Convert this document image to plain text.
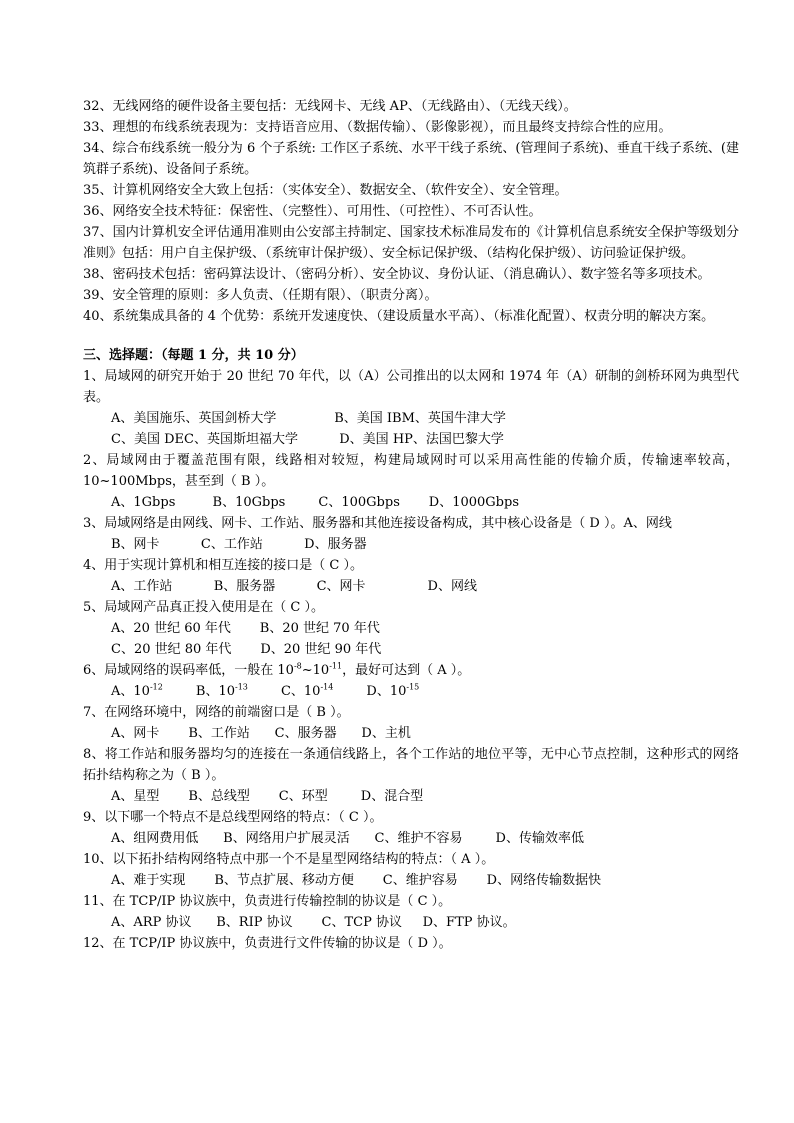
32、无线网络的硬件设备主要包括：无线网卡、无线 AP、（无线路由）、（无线天线）。

33、理想的布线系统表现为：支持语音应用、（数据传输）、（影像影视），而且最终支持综合性的应用。

34、综合布线系统一般分为 6 个子系统: 工作区子系统、水平干线子系统、(管理间子系统)、垂直干线子系统、(建筑群子系统)、设备间子系统。

35、计算机网络安全大致上包括：（实体安全）、数据安全、（软件安全）、安全管理。

36、网络安全技术特征：保密性、（完整性）、可用性、（可控性）、不可否认性。

37、国内计算机安全评估通用准则由公安部主持制定、国家技术标准局发布的《计算机信息系统安全保护等级划分准则》包括：用户自主保护级、（系统审计保护级）、安全标记保护级、（结构化保护级）、访问验证保护级。

38、密码技术包括：密码算法设计、（密码分析）、安全协议、身份认证、（消息确认）、数字签名等多项技术。

39、安全管理的原则：多人负责、（任期有限）、（职责分离）。

40、系统集成具备的 4 个优势：系统开发速度快、（建设质量水平高）、（标准化配置）、权责分明的解决方案。

三、选择题：（每题 1 分，共 10 分）

1、局域网的研究开始于 20 世纪 70 年代，以（A）公司推出的以太网和 1974 年（A）研制的剑桥环网为典型代表。

A、美国施乐、英国剑桥大学              B、美国 IBM、英国牛津大学

C、美国 DEC、英国斯坦福大学          D、美国 HP、法国巴黎大学

2、局域网由于覆盖范围有限，线路相对较短，构建局域网时可以采用高性能的传输介质，传输速率较高，10~100Mbps，甚至到（ B ）。

A、1Gbps         B、10Gbps        C、100Gbps       D、1000Gbps

3、局域网络是由网线、网卡、工作站、服务器和其他连接设备构成，其中核心设备是（ D ）。A、网线

B、网卡          C、工作站          D、服务器

4、用于实现计算机和相互连接的接口是（ C ）。

A、工作站          B、服务器          C、网卡               D、网线

5、局域网产品真正投入使用是在（ C ）。

A、20 世纪 60 年代       B、20 世纪 70 年代

C、20 世纪 80 年代       D、20 世纪 90 年代

6、局域网络的误码率低，一般在 $10^{-8}\sim 10^{-11}$，最好可达到（ A ）。

A、$10^{-12}$	B、$10^{-13}$	C、$10^{-14}$	D、$10^{-15}$

7、在网络环境中，网络的前端窗口是（ B ）。

A、网卡       B、工作站      C、服务器      D、主机

8、将工作站和服务器均匀的连接在一条通信线路上，各个工作站的地位平等，无中心节点控制，这种形式的网络拓扑结构称之为（ B ）。

A、星型       B、总线型       C、环型        D、混合型

9、以下哪一个特点不是总线型网络的特点：（ C ）。

A、组网费用低      B、网络用户扩展灵活      C、维护不容易        D、传输效率低

10、以下拓扑结构网络特点中那一个不是星型网络结构的特点：（ A ）。

A、难于实现       B、节点扩展、移动方便       C、维护容易       D、网络传输数据快

11、在 TCP/IP 协议族中，负责进行传输控制的协议是（ C ）。

A、ARP 协议      B、RIP 协议       C、TCP 协议     D、FTP 协议。

12、在 TCP/IP 协议族中，负责进行文件传输的协议是（ D ）。
